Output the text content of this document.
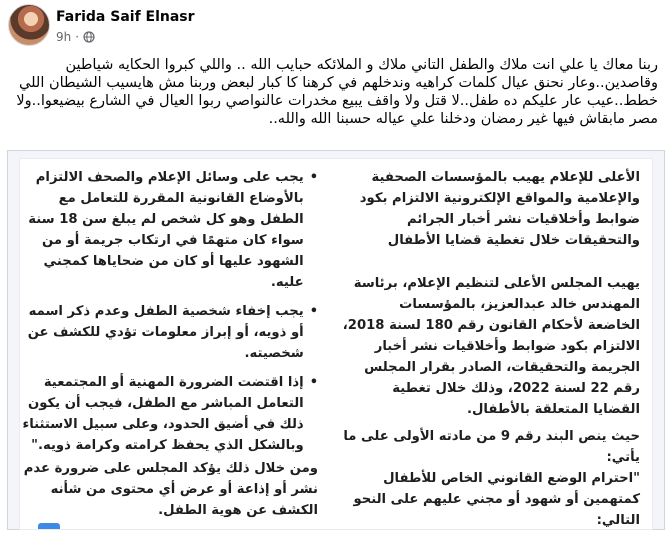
Farida Saif Elnasr
9h ·
ربنا معاك يا علي انت ملاك والطفل التاني ملاك و الملائكه حبايب الله .. واللي كبروا الحكايه شياطين
وقاصدين..وعار نحنق عيال كلمات كراهيه وندخلهم في كرهنا كا كبار لبعض وربنا مش هايسيب الشيطان اللي
خطط..عيب عار عليكم ده طفل..لا قتل ولا واقف يبيع مخدرات عالنواصي ربوا العيال في الشارع بيضيعوا..ولا
مصر مابقاش فيها غير رمضان ودخلنا علي عياله حسبنا الله والله..
الأعلى للإعلام يهيب بالمؤسسات الصحفية
والإعلامية والمواقع الإلكترونية الالتزام بكود
ضوابط وأخلاقيات نشر أخبار الجرائم
والتحقيقات خلال تغطية قضايا الأطفال
يهيب المجلس الأعلى لتنظيم الإعلام، برئاسة
المهندس خالد عبدالعزيز، بالمؤسسات
الخاضعة لأحكام القانون رقم 180 لسنة 2018،
الالتزام بكود ضوابط وأخلاقيات نشر أخبار
الجريمة والتحقيقات، الصادر بقرار المجلس
رقم 22 لسنة 2022، وذلك خلال تغطية
القضايا المتعلقة بالأطفال.
حيث ينص البند رقم 9 من مادته الأولى على ما
يأتي:
"احترام الوضع القانوني الخاص للأطفال
كمتهمين أو شهود أو مجني عليهم على النحو
التالي:
•
يجب على وسائل الإعلام والصحف الالتزام
بالأوضاع القانونية المقررة للتعامل مع
الطفل وهو كل شخص لم يبلغ سن 18 سنة
سواء كان متهمًا في ارتكاب جريمة أو من
الشهود عليها أو كان من ضحاياها كمجني
عليه.
•
يجب إخفاء شخصية الطفل وعدم ذكر اسمه
أو ذويه، أو إبراز معلومات تؤدي للكشف عن
شخصيته.
•
إذا اقتضت الضرورة المهنية أو المجتمعية
التعامل المباشر مع الطفل، فيجب أن يكون
ذلك في أضيق الحدود، وعلى سبيل الاستثناء
وبالشكل الذي يحفظ كرامته وكرامة ذويه."
ومن خلال ذلك يؤكد المجلس على ضرورة عدم
نشر أو إذاعة أو عرض أي محتوى من شأنه
الكشف عن هوية الطفل.
